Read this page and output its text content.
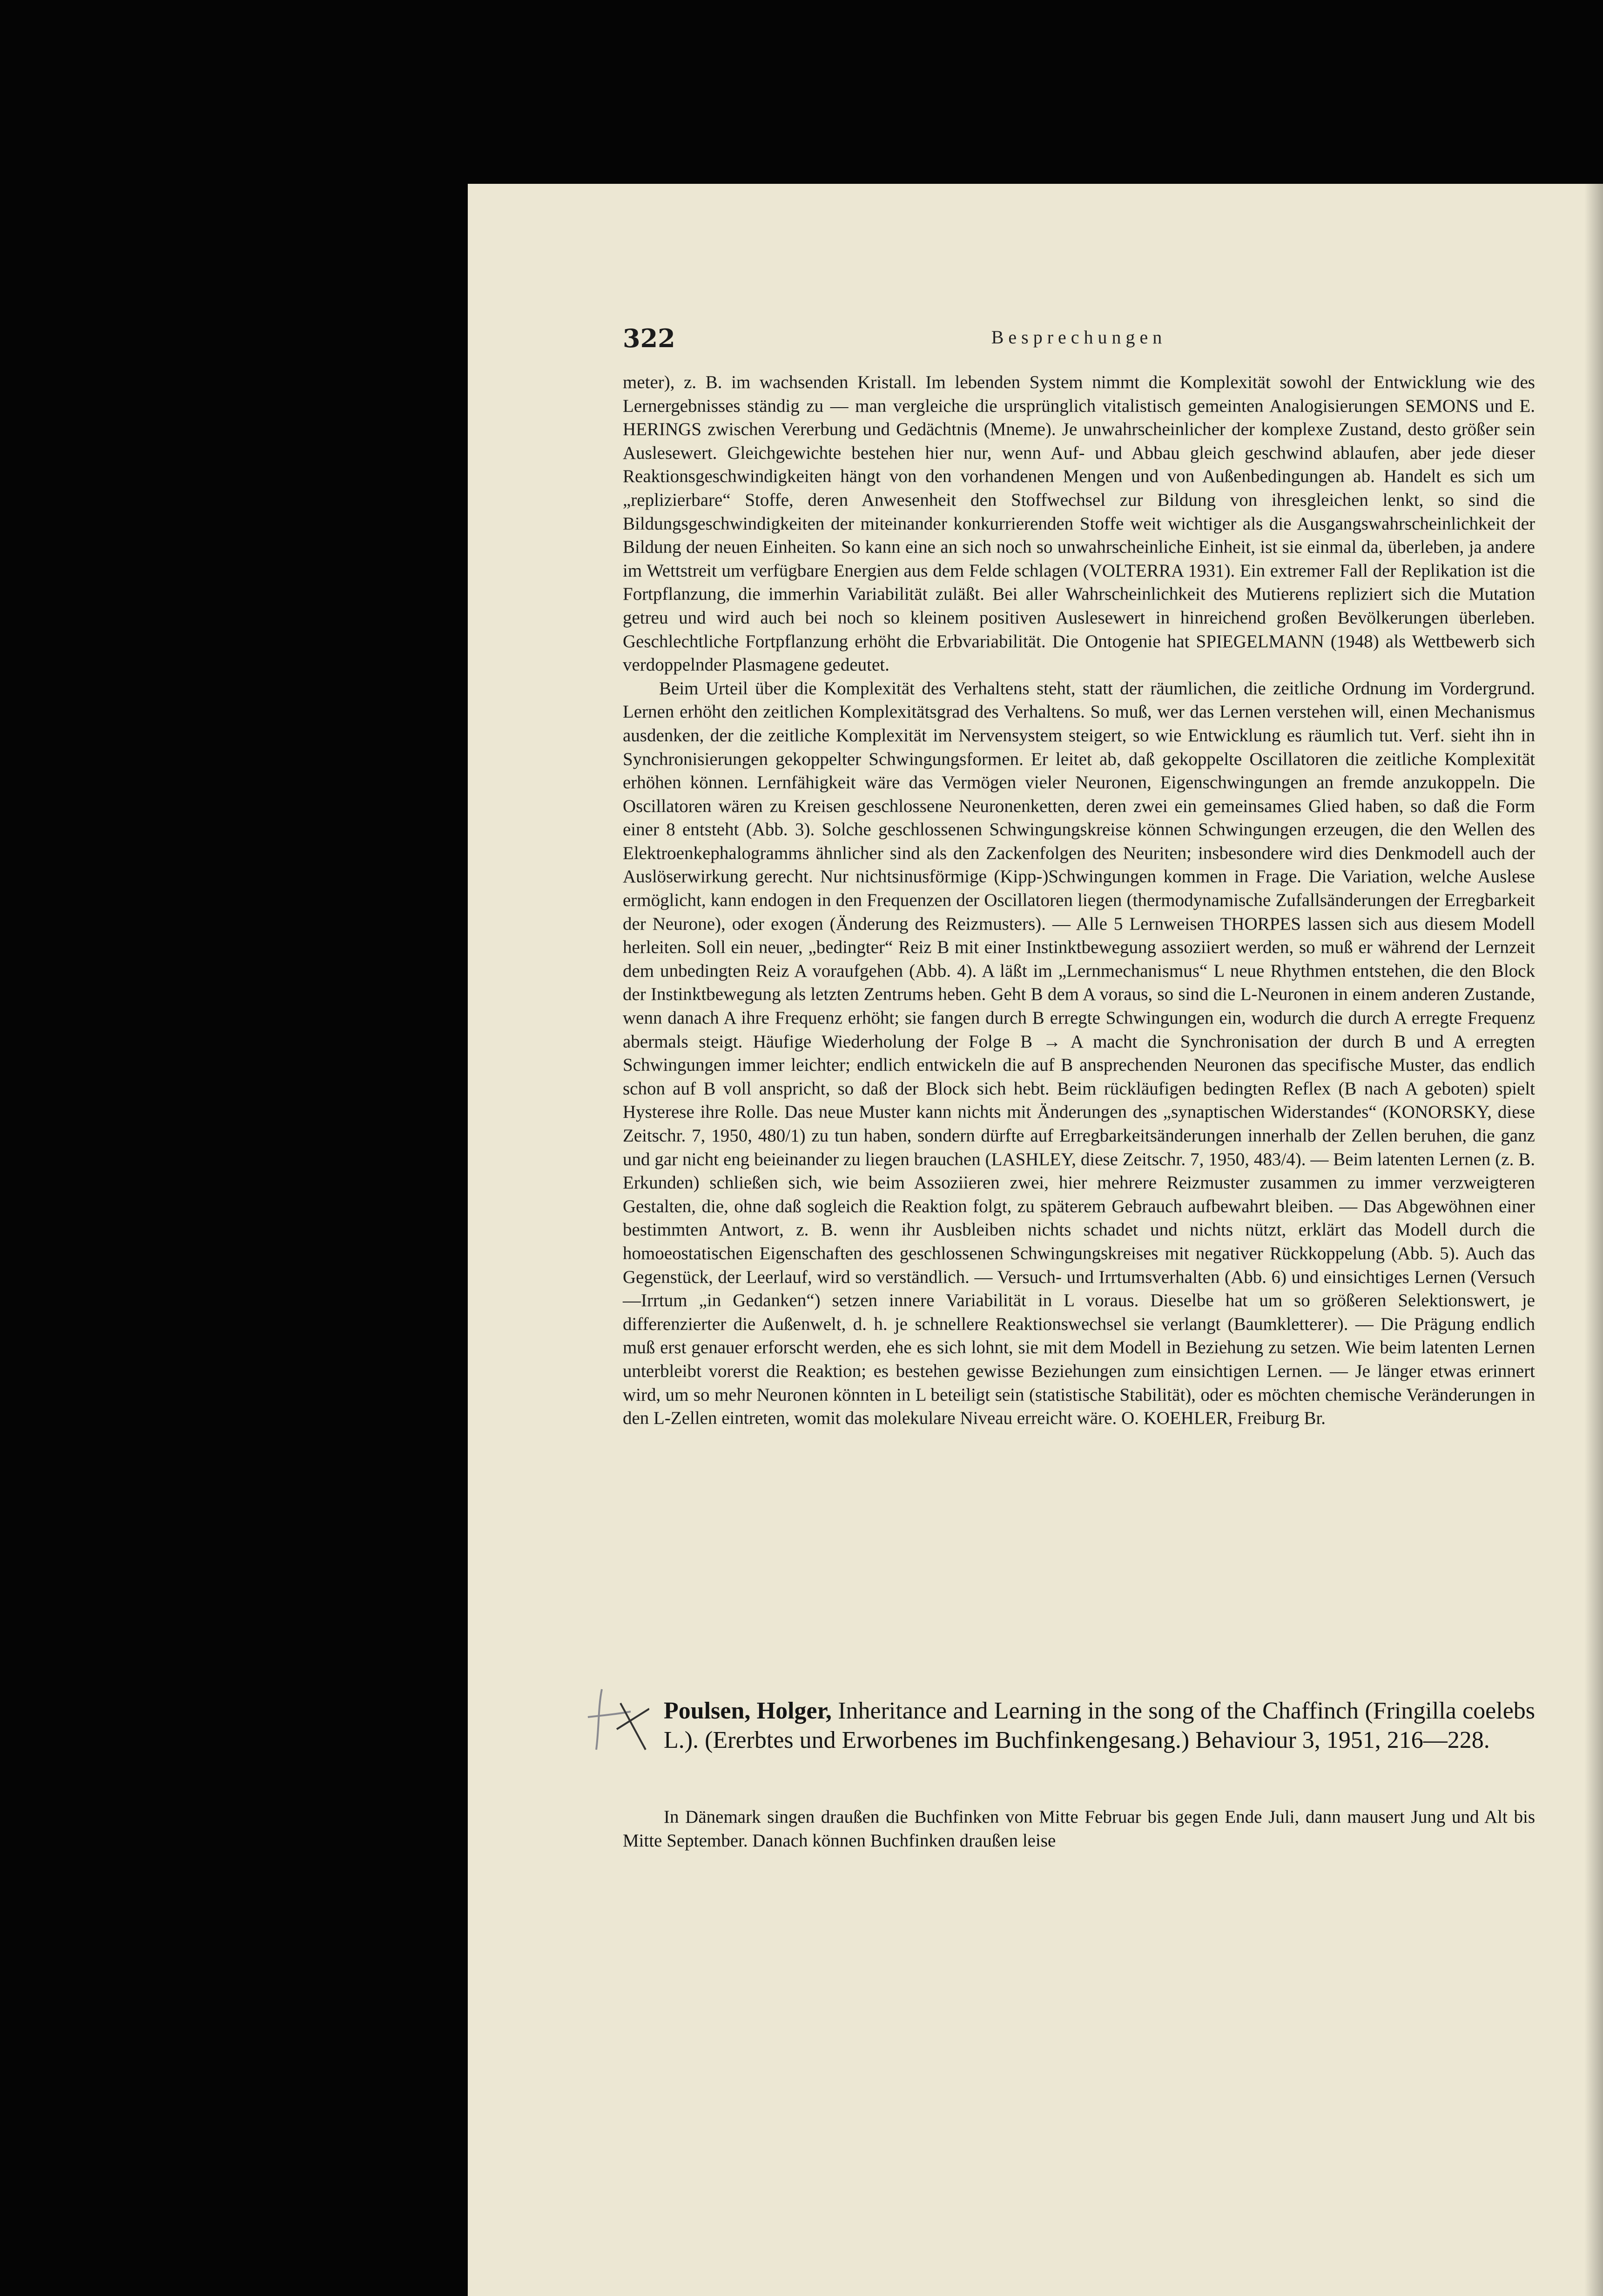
322	Besprechungen

meter), z. B. im wachsenden Kristall. Im lebenden System nimmt die Komplexität sowohl der Entwicklung wie des Lernergebnisses ständig zu — man vergleiche die ursprünglich vitalistisch gemeinten Analogisierungen SEMONS und E. HERINGS zwischen Vererbung und Gedächtnis (Mneme). Je unwahrscheinlicher der komplexe Zustand, desto größer sein Auslesewert. Gleichgewichte bestehen hier nur, wenn Auf- und Abbau gleich geschwind ablaufen, aber jede dieser Reaktionsgeschwindigkeiten hängt von den vorhandenen Mengen und von Außenbedingungen ab. Handelt es sich um „replizierbare“ Stoffe, deren Anwesenheit den Stoffwechsel zur Bildung von ihresgleichen lenkt, so sind die Bildungsgeschwindigkeiten der miteinander konkurrierenden Stoffe weit wichtiger als die Ausgangswahrscheinlichkeit der Bildung der neuen Einheiten. So kann eine an sich noch so unwahrscheinliche Einheit, ist sie einmal da, überleben, ja andere im Wettstreit um verfügbare Energien aus dem Felde schlagen (VOLTERRA 1931). Ein extremer Fall der Replikation ist die Fortpflanzung, die immerhin Variabilität zuläßt. Bei aller Wahrscheinlichkeit des Mutierens repliziert sich die Mutation getreu und wird auch bei noch so kleinem positiven Auslesewert in hinreichend großen Bevölkerungen überleben. Geschlechtliche Fortpflanzung erhöht die Erbvariabilität. Die Ontogenie hat SPIEGELMANN (1948) als Wettbewerb sich verdoppelnder Plasmagene gedeutet.

Beim Urteil über die Komplexität des Verhaltens steht, statt der räumlichen, die zeitliche Ordnung im Vordergrund. Lernen erhöht den zeitlichen Komplexitätsgrad des Verhaltens. So muß, wer das Lernen verstehen will, einen Mechanismus ausdenken, der die zeitliche Komplexität im Nervensystem steigert, so wie Entwicklung es räumlich tut. Verf. sieht ihn in Synchronisierungen gekoppelter Schwingungsformen. Er leitet ab, daß gekoppelte Oscillatoren die zeitliche Komplexität erhöhen können. Lernfähigkeit wäre das Vermögen vieler Neuronen, Eigenschwingungen an fremde anzukoppeln. Die Oscillatoren wären zu Kreisen geschlossene Neuronenketten, deren zwei ein gemeinsames Glied haben, so daß die Form einer 8 entsteht (Abb. 3). Solche geschlossenen Schwingungskreise können Schwingungen erzeugen, die den Wellen des Elektroenkephalogramms ähnlicher sind als den Zackenfolgen des Neuriten; insbesondere wird dies Denkmodell auch der Auslöserwirkung gerecht. Nur nichtsinusförmige (Kipp-)Schwingungen kommen in Frage. Die Variation, welche Auslese ermöglicht, kann endogen in den Frequenzen der Oscillatoren liegen (thermodynamische Zufallsänderungen der Erregbarkeit der Neurone), oder exogen (Änderung des Reizmusters). — Alle 5 Lernweisen THORPES lassen sich aus diesem Modell herleiten. Soll ein neuer, „bedingter“ Reiz B mit einer Instinktbewegung assoziiert werden, so muß er während der Lernzeit dem unbedingten Reiz A voraufgehen (Abb. 4). A läßt im „Lernmechanismus“ L neue Rhythmen entstehen, die den Block der Instinktbewegung als letzten Zentrums heben. Geht B dem A voraus, so sind die L-Neuronen in einem anderen Zustande, wenn danach A ihre Frequenz erhöht; sie fangen durch B erregte Schwingungen ein, wodurch die durch A erregte Frequenz abermals steigt. Häufige Wiederholung der Folge B → A macht die Synchronisation der durch B und A erregten Schwingungen immer leichter; endlich entwickeln die auf B ansprechenden Neuronen das specifische Muster, das endlich schon auf B voll anspricht, so daß der Block sich hebt. Beim rückläufigen bedingten Reflex (B nach A geboten) spielt Hysterese ihre Rolle. Das neue Muster kann nichts mit Änderungen des „synaptischen Widerstandes“ (KONORSKY, diese Zeitschr. 7, 1950, 480/1) zu tun haben, sondern dürfte auf Erregbarkeitsänderungen innerhalb der Zellen beruhen, die ganz und gar nicht eng beieinander zu liegen brauchen (LASHLEY, diese Zeitschr. 7, 1950, 483/4). — Beim latenten Lernen (z. B. Erkunden) schließen sich, wie beim Assoziieren zwei, hier mehrere Reizmuster zusammen zu immer verzweigteren Gestalten, die, ohne daß sogleich die Reaktion folgt, zu späterem Gebrauch aufbewahrt bleiben. — Das Abgewöhnen einer bestimmten Antwort, z. B. wenn ihr Ausbleiben nichts schadet und nichts nützt, erklärt das Modell durch die homoeostatischen Eigenschaften des geschlossenen Schwingungskreises mit negativer Rückkoppelung (Abb. 5). Auch das Gegenstück, der Leerlauf, wird so verständlich. — Versuch- und Irrtumsverhalten (Abb. 6) und einsichtiges Lernen (Versuch—Irrtum „in Gedanken“) setzen innere Variabilität in L voraus. Dieselbe hat um so größeren Selektionswert, je differenzierter die Außenwelt, d. h. je schnellere Reaktionswechsel sie verlangt (Baumkletterer). — Die Prägung endlich muß erst genauer erforscht werden, ehe es sich lohnt, sie mit dem Modell in Beziehung zu setzen. Wie beim latenten Lernen unterbleibt vorerst die Reaktion; es bestehen gewisse Beziehungen zum einsichtigen Lernen. — Je länger etwas erinnert wird, um so mehr Neuronen könnten in L beteiligt sein (statistische Stabilität), oder es möchten chemische Veränderungen in den L-Zellen eintreten, womit das molekulare Niveau erreicht wäre. O. KOEHLER, Freiburg Br.

Poulsen, Holger, Inheritance and Learning in the song of the Chaffinch (Fringilla coelebs L.). (Ererbtes und Erworbenes im Buchfinkengesang.) Behaviour 3, 1951, 216—228.

In Dänemark singen draußen die Buchfinken von Mitte Februar bis gegen Ende Juli, dann mausert Jung und Alt bis Mitte September. Danach können Buchfinken draußen leise
